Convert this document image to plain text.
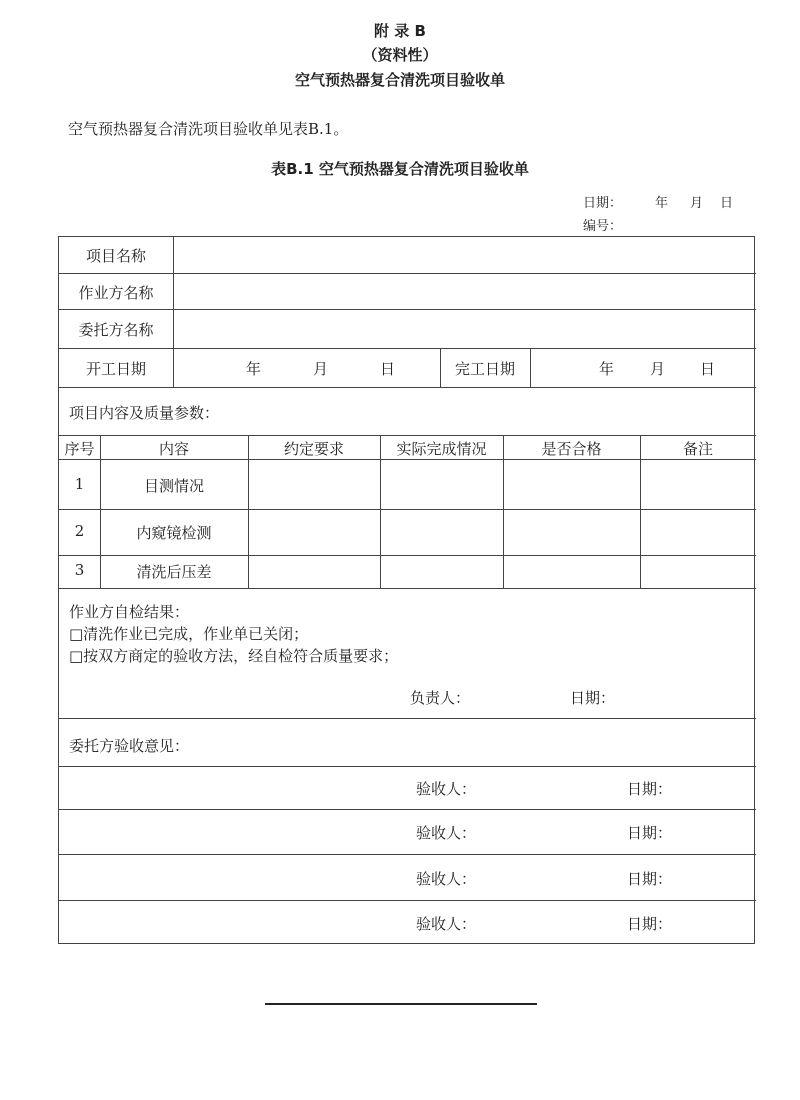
附 录 B
（资料性）
空气预热器复合清洗项目验收单
空气预热器复合清洗项目验收单见表B.1。
表B.1 空气预热器复合清洗项目验收单
日期：	年 月 日
编号：
项目名称
作业方名称
委托方名称
开工日期	年	月	日	完工日期	年 月 日
项目内容及质量参数：
序号	内容	约定要求	实际完成情况	是否合格	备注
1	目测情况
2	内窥镜检测
3	清洗后压差
作业方自检结果：
□清洗作业已完成，作业单已关闭；
□按双方商定的验收方法，经自检符合质量要求；
负责人：	日期：
委托方验收意见：
验收人：	日期：
验收人：	日期：
验收人：	日期：
验收人：	日期：
